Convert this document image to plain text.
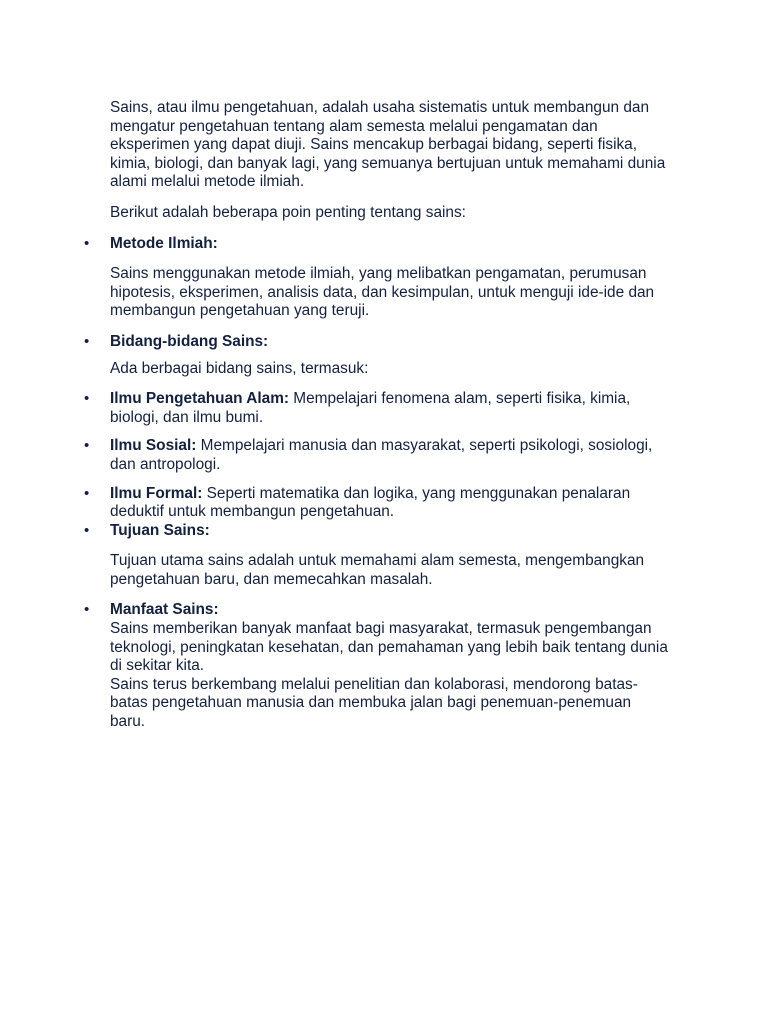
Sains, atau ilmu pengetahuan, adalah usaha sistematis untuk membangun dan mengatur pengetahuan tentang alam semesta melalui pengamatan dan eksperimen yang dapat diuji. Sains mencakup berbagai bidang, seperti fisika, kimia, biologi, dan banyak lagi, yang semuanya bertujuan untuk memahami dunia alami melalui metode ilmiah.

Berikut adalah beberapa poin penting tentang sains:

• Metode Ilmiah:

Sains menggunakan metode ilmiah, yang melibatkan pengamatan, perumusan hipotesis, eksperimen, analisis data, dan kesimpulan, untuk menguji ide-ide dan membangun pengetahuan yang teruji.

• Bidang-bidang Sains:

Ada berbagai bidang sains, termasuk:

• Ilmu Pengetahuan Alam: Mempelajari fenomena alam, seperti fisika, kimia, biologi, dan ilmu bumi.
• Ilmu Sosial: Mempelajari manusia dan masyarakat, seperti psikologi, sosiologi, dan antropologi.
• Ilmu Formal: Seperti matematika dan logika, yang menggunakan penalaran deduktif untuk membangun pengetahuan.
• Tujuan Sains:

Tujuan utama sains adalah untuk memahami alam semesta, mengembangkan pengetahuan baru, dan memecahkan masalah.

• Manfaat Sains:

Sains memberikan banyak manfaat bagi masyarakat, termasuk pengembangan teknologi, peningkatan kesehatan, dan pemahaman yang lebih baik tentang dunia di sekitar kita.

Sains terus berkembang melalui penelitian dan kolaborasi, mendorong batas-batas pengetahuan manusia dan membuka jalan bagi penemuan-penemuan baru.
